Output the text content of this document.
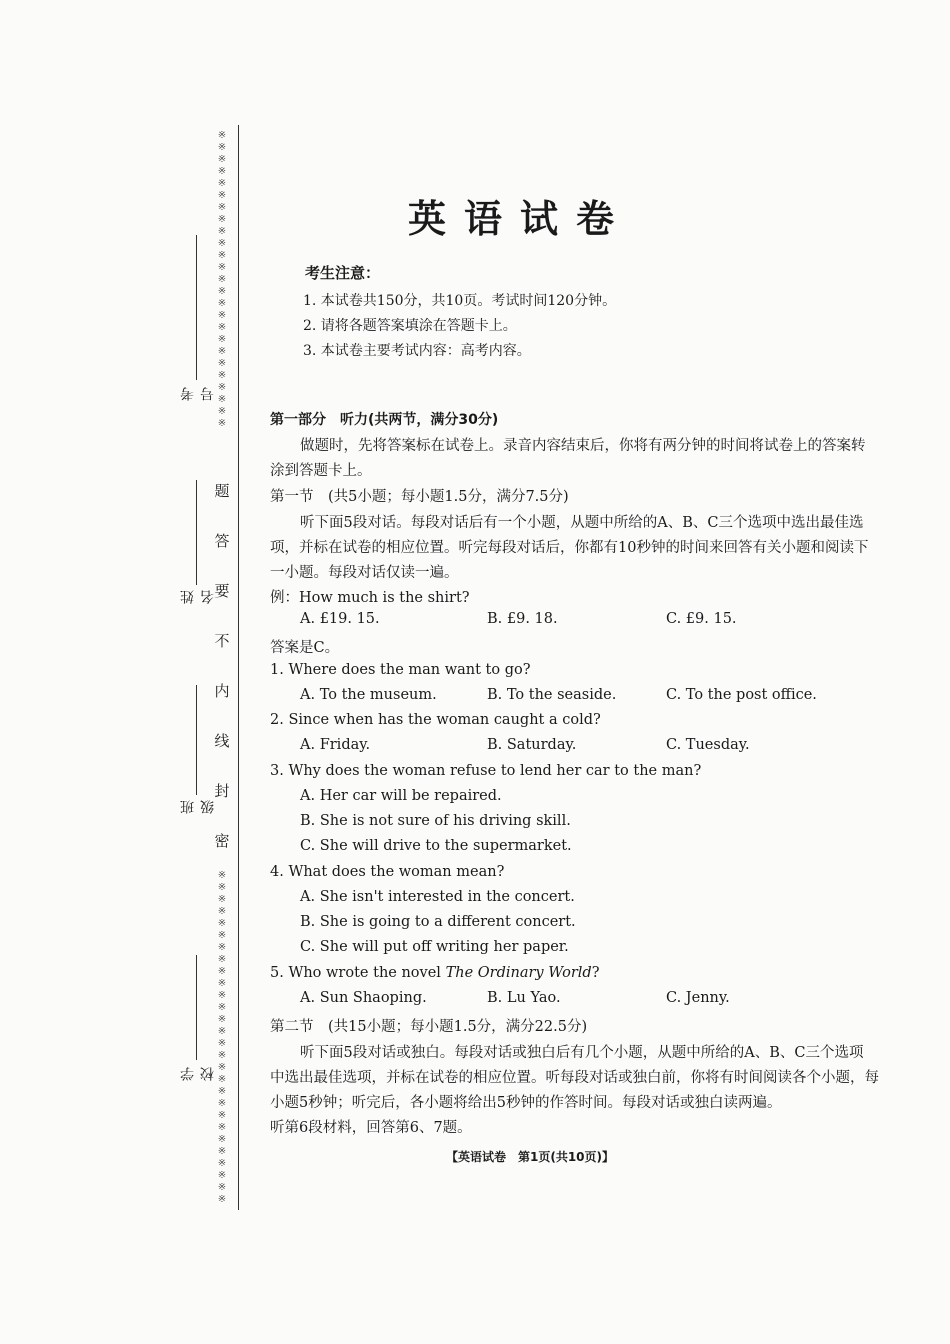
※
※
※
※
※
※
※
※
※
※
※
※
※
※
※
※
※
※
※
※
※
※
※
※
※
※
※
※
※
※
※
※
※
※
※
※
※
※
※
※
※
※
※
※
※
※
※
※
※
※
※
※
※
题
答
要
不
内
线
封
密
考号
姓名
班级
学校
英语试卷
考生注意：
1. 本试卷共150分，共10页。考试时间120分钟。
2. 请将各题答案填涂在答题卡上。
3. 本试卷主要考试内容：高考内容。
第一部分　听力(共两节，满分30分)
做题时，先将答案标在试卷上。录音内容结束后，你将有两分钟的时间将试卷上的答案转
涂到答题卡上。
第一节　(共5小题；每小题1.5分，满分7.5分)
听下面5段对话。每段对话后有一个小题，从题中所给的A、B、C三个选项中选出最佳选
项，并标在试卷的相应位置。听完每段对话后，你都有10秒钟的时间来回答有关小题和阅读下
一小题。每段对话仅读一遍。
例：How much is the shirt?
A. £19. 15.	B. £9. 18.	C. £9. 15.
答案是C。
1. Where does the man want to go?
A. To the museum.	B. To the seaside.	C. To the post office.
2. Since when has the woman caught a cold?
A. Friday.	B. Saturday.	C. Tuesday.
3. Why does the woman refuse to lend her car to the man?
A. Her car will be repaired.
B. She is not sure of his driving skill.
C. She will drive to the supermarket.
4. What does the woman mean?
A. She isn't interested in the concert.
B. She is going to a different concert.
C. She will put off writing her paper.
5. Who wrote the novel The Ordinary World?
A. Sun Shaoping.	B. Lu Yao.	C. Jenny.
第二节　(共15小题；每小题1.5分，满分22.5分)
听下面5段对话或独白。每段对话或独白后有几个小题，从题中所给的A、B、C三个选项
中选出最佳选项，并标在试卷的相应位置。听每段对话或独白前，你将有时间阅读各个小题，每
小题5秒钟；听完后，各小题将给出5秒钟的作答时间。每段对话或独白读两遍。
听第6段材料，回答第6、7题。
【英语试卷　第1页(共10页)】
